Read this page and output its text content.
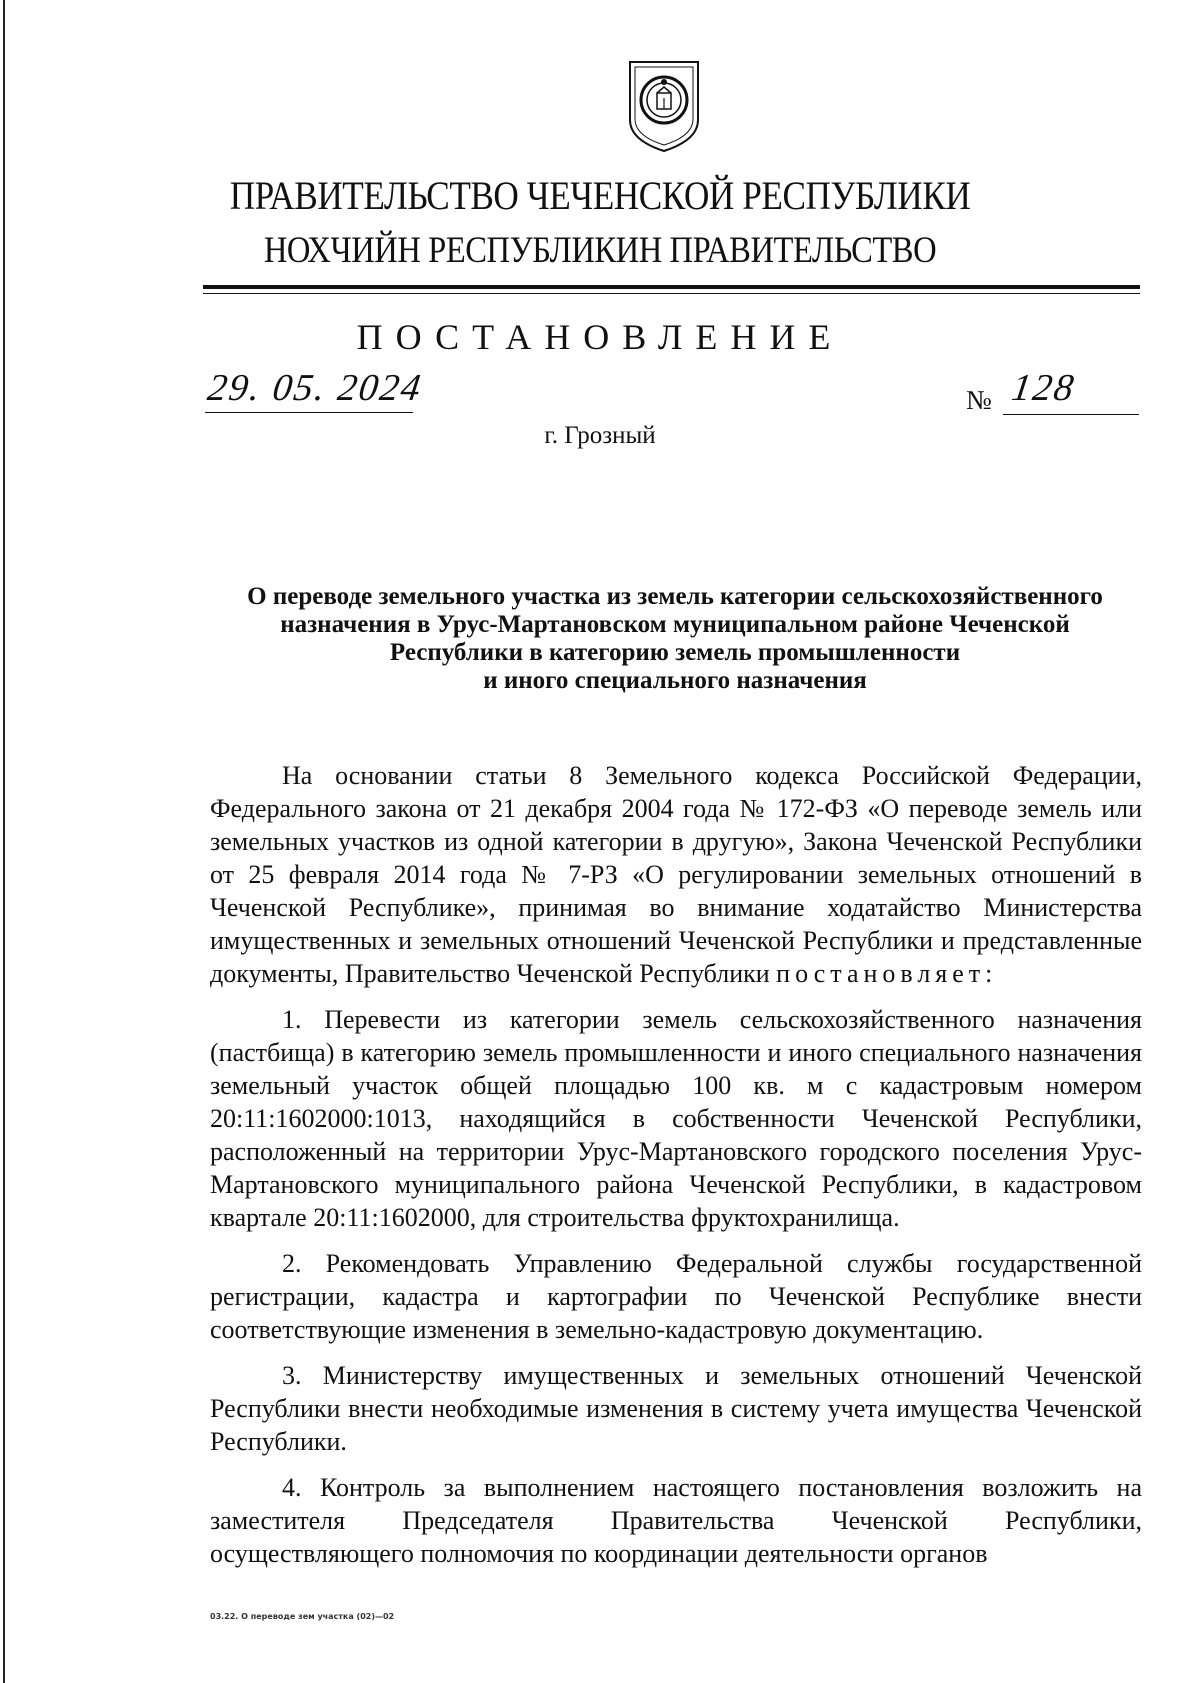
ПРАВИТЕЛЬСТВО ЧЕЧЕНСКОЙ РЕСПУБЛИКИ
НОХЧИЙН РЕСПУБЛИКИН ПРАВИТЕЛЬСТВО
ПОСТАНОВЛЕНИЕ
29. 05. 2024	№ 128
г. Грозный
О переводе земельного участка из земель категории сельскохозяйственного
назначения в Урус-Мартановском муниципальном районе Чеченской
Республики в категорию земель промышленности
и иного специального назначения

На основании статьи 8 Земельного кодекса Российской Федерации, Федерального закона от 21 декабря 2004 года № 172-ФЗ «О переводе земель или земельных участков из одной категории в другую», Закона Чеченской Республики от 25 февраля 2014 года № 7-РЗ «О регулировании земельных отношений в Чеченской Республике», принимая во внимание ходатайство Министерства имущественных и земельных отношений Чеченской Республики и представленные документы, Правительство Чеченской Республики постановляет:

1. Перевести из категории земель сельскохозяйственного назначения (пастбища) в категорию земель промышленности и иного специального назначения земельный участок общей площадью 100 кв. м с кадастровым номером 20:11:1602000:1013, находящийся в собственности Чеченской Республики, расположенный на территории Урус-Мартановского городского поселения Урус-Мартановского муниципального района Чеченской Республики, в кадастровом квартале 20:11:1602000, для строительства фруктохранилища.

2. Рекомендовать Управлению Федеральной службы государственной регистрации, кадастра и картографии по Чеченской Республике внести соответствующие изменения в земельно-кадастровую документацию.

3. Министерству имущественных и земельных отношений Чеченской Республики внести необходимые изменения в систему учета имущества Чеченской Республики.

4. Контроль за выполнением настоящего постановления возложить на заместителя Председателя Правительства Чеченской Республики, осуществляющего полномочия по координации деятельности органов

03.22. О переводе зем участка (02)—02
